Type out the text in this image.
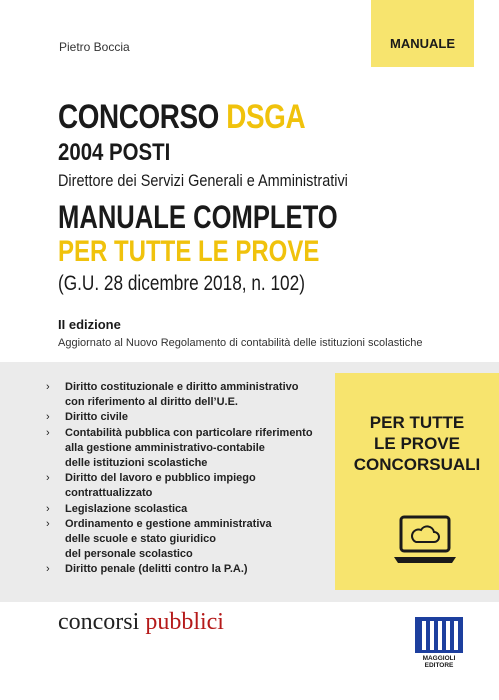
MANUALE
Pietro Boccia
CONCORSO DSGA
2004 POSTI
Direttore dei Servizi Generali e Amministrativi
MANUALE COMPLETO
PER TUTTE LE PROVE
(G.U. 28 dicembre 2018, n. 102)
II edizione
Aggiornato al Nuovo Regolamento di contabilità delle istituzioni scolastiche
› Diritto costituzionale e diritto amministrativo
con riferimento al diritto dell’U.E.
› Diritto civile
› Contabilità pubblica con particolare riferimento
alla gestione amministrativo-contabile
delle istituzioni scolastiche
› Diritto del lavoro e pubblico impiego
contrattualizzato
› Legislazione scolastica
› Ordinamento e gestione amministrativa
delle scuole e stato giuridico
del personale scolastico
› Diritto penale (delitti contro la P.A.)
PER TUTTE
LE PROVE
CONCORSUALI
concorsi pubblici
MAGGIOLI
EDITORE
